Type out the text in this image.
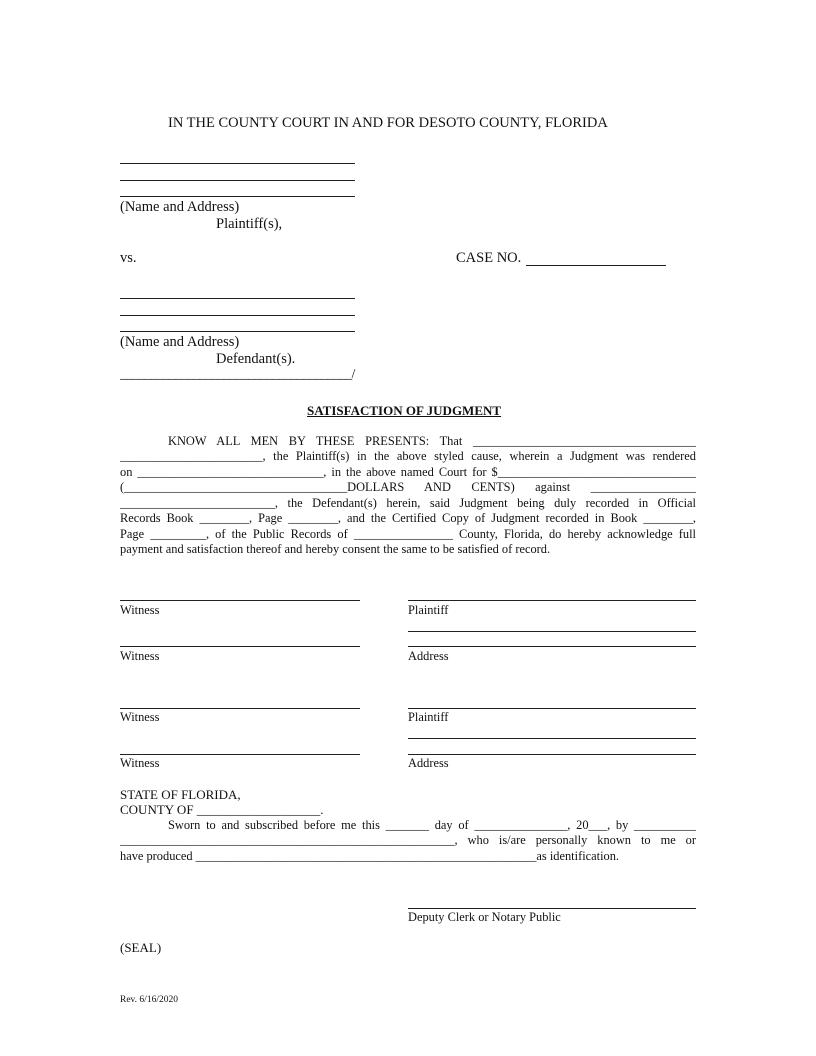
IN THE COUNTY COURT IN AND FOR DESOTO COUNTY, FLORIDA
(Name and Address)
Plaintiff(s),
vs.	CASE NO.
(Name and Address)
Defendant(s).
______________________________________/
SATISFACTION OF JUDGMENT
KNOW ALL MEN BY THESE PRESENTS: That ____________________________________
_______________________, the Plaintiff(s) in the above styled cause, wherein a Judgment was rendered
on ______________________________, in the above named Court for $________________________________
(____________________________________DOLLARS AND CENTS) against _________________
_________________________, the Defendant(s) herein, said Judgment being duly recorded in Official
Records Book ________, Page ________, and the Certified Copy of Judgment recorded in Book ________,
Page _________, of the Public Records of ________________ County, Florida, do hereby acknowledge full
payment and satisfaction thereof and hereby consent the same to be satisfied of record.
Witness	Plaintiff
Witness	Address
Witness	Plaintiff
Witness	Address
STATE OF FLORIDA,
COUNTY OF ___________________.
Sworn to and subscribed before me this _______ day of _______________, 20___, by __________
______________________________________________________, who is/are personally known to me or
have produced _______________________________________________________as identification.
Deputy Clerk or Notary Public
(SEAL)
Rev. 6/16/2020
